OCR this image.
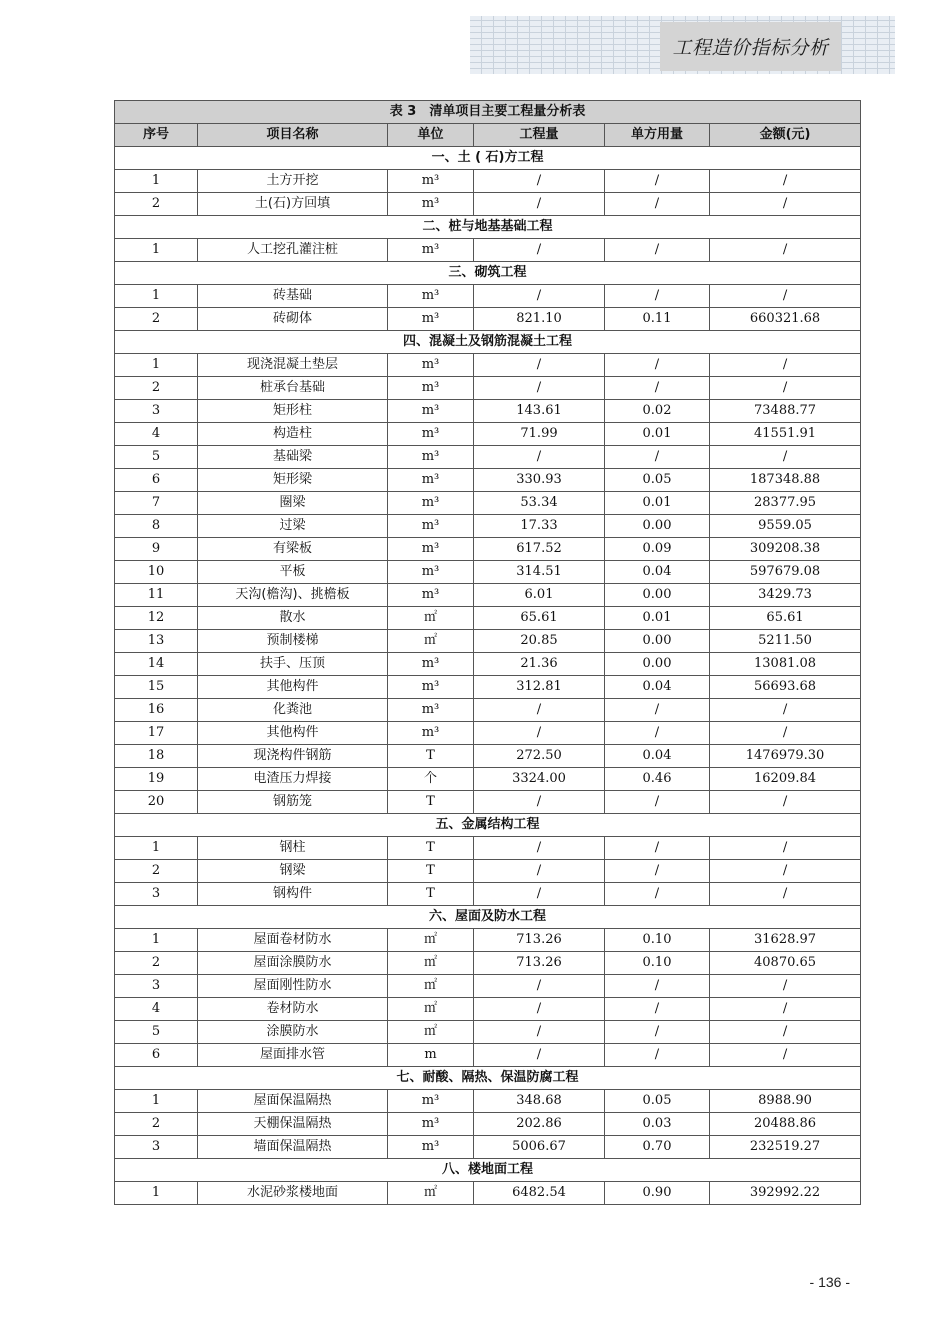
工程造价指标分析
表 3　清单项目主要工程量分析表					
序号	项目名称	单位	工程量	单方用量	金额(元)
一、土 ( 石)方工程					
1	土方开挖	m³	/	/	/
2	土(石)方回填	m³	/	/	/
二、桩与地基基础工程					
1	人工挖孔灌注桩	m³	/	/	/
三、砌筑工程					
1	砖基础	m³	/	/	/
2	砖砌体	m³	821.10	0.11	660321.68
四、混凝土及钢筋混凝土工程					
1	现浇混凝土垫层	m³	/	/	/
2	桩承台基础	m³	/	/	/
3	矩形柱	m³	143.61	0.02	73488.77
4	构造柱	m³	71.99	0.01	41551.91
5	基础梁	m³	/	/	/
6	矩形梁	m³	330.93	0.05	187348.88
7	圈梁	m³	53.34	0.01	28377.95
8	过梁	m³	17.33	0.00	9559.05
9	有梁板	m³	617.52	0.09	309208.38
10	平板	m³	314.51	0.04	597679.08
11	天沟(檐沟)、挑檐板	m³	6.01	0.00	3429.73
12	散水	㎡	65.61	0.01	65.61
13	预制楼梯	㎡	20.85	0.00	5211.50
14	扶手、压顶	m³	21.36	0.00	13081.08
15	其他构件	m³	312.81	0.04	56693.68
16	化粪池	m³	/	/	/
17	其他构件	m³	/	/	/
18	现浇构件钢筋	T	272.50	0.04	1476979.30
19	电渣压力焊接	个	3324.00	0.46	16209.84
20	钢筋笼	T	/	/	/
五、金属结构工程					
1	钢柱	T	/	/	/
2	钢梁	T	/	/	/
3	钢构件	T	/	/	/
六、屋面及防水工程					
1	屋面卷材防水	㎡	713.26	0.10	31628.97
2	屋面涂膜防水	㎡	713.26	0.10	40870.65
3	屋面刚性防水	㎡	/	/	/
4	卷材防水	㎡	/	/	/
5	涂膜防水	㎡	/	/	/
6	屋面排水管	m	/	/	/
七、耐酸、隔热、保温防腐工程					
1	屋面保温隔热	m³	348.68	0.05	8988.90
2	天棚保温隔热	m³	202.86	0.03	20488.86
3	墙面保温隔热	m³	5006.67	0.70	232519.27
八、楼地面工程					
1	水泥砂浆楼地面	㎡	6482.54	0.90	392992.22
- 136 -
